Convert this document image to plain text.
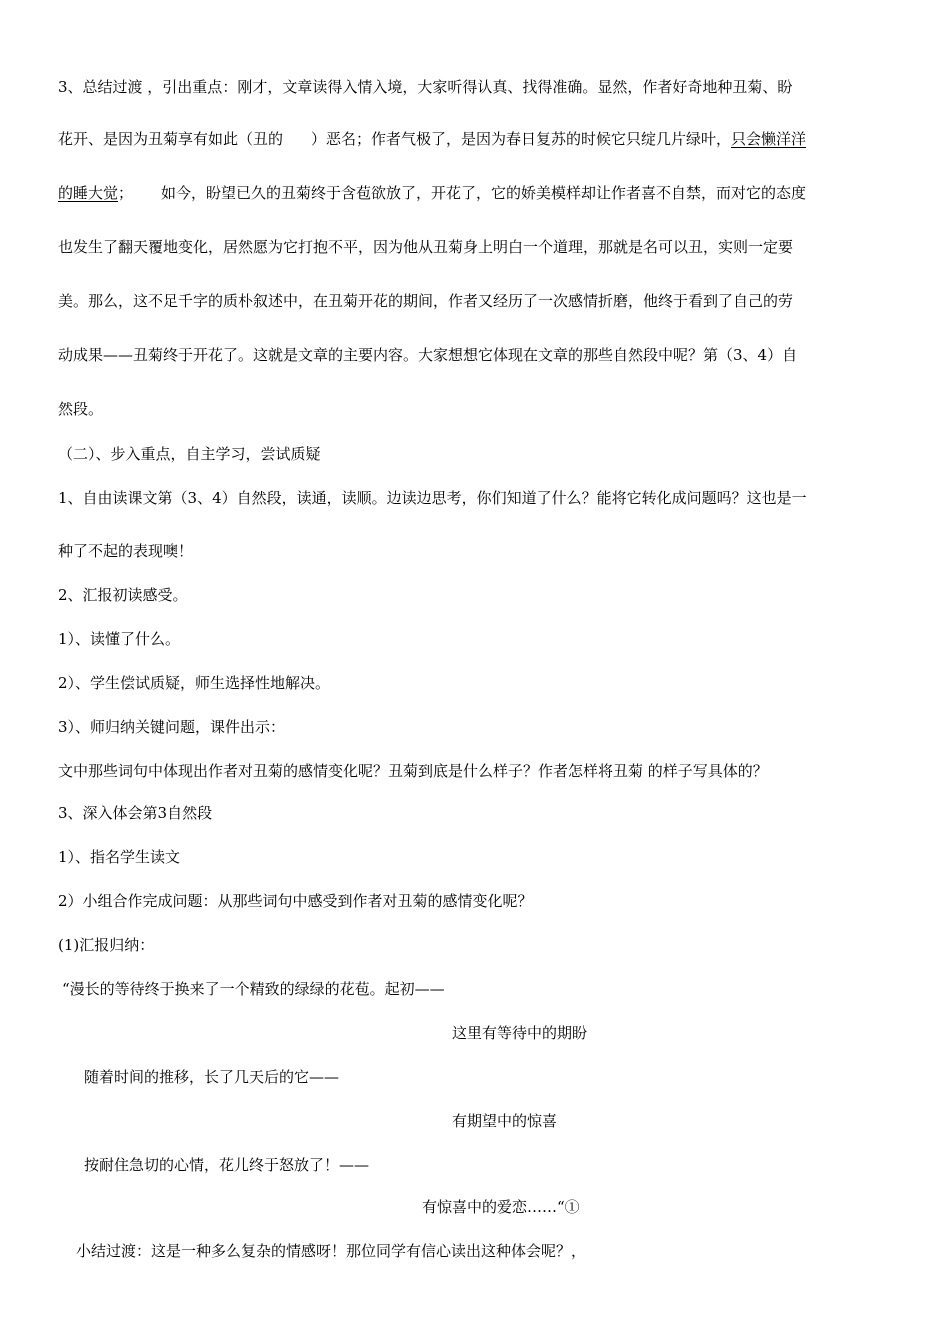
3、总结过渡 ，引出重点：刚才，文章读得入情入境，大家听得认真、找得准确。显然，作者好奇地种丑菊、盼
花开、是因为丑菊享有如此（丑的 ）恶名；作者气极了，是因为春日复苏的时候它只绽几片绿叶，只会懒洋洋
的睡大觉； 如今，盼望已久的丑菊终于含苞欲放了，开花了，它的娇美模样却让作者喜不自禁，而对它的态度
也发生了翻天覆地变化，居然愿为它打抱不平，因为他从丑菊身上明白一个道理，那就是名可以丑，实则一定要
美。那么，这不足千字的质朴叙述中，在丑菊开花的期间，作者又经历了一次感情折磨，他终于看到了自己的劳
动成果——丑菊终于开花了。这就是文章的主要内容。大家想想它体现在文章的那些自然段中呢？第（3、4）自
然段。
（二）、步入重点，自主学习，尝试质疑
1、自由读课文第（3、4）自然段，读通，读顺。边读边思考，你们知道了什么？能将它转化成问题吗？这也是一
种了不起的表现噢！
2、汇报初读感受。
1）、读懂了什么。
2）、学生偿试质疑，师生选择性地解决。
3）、师归纳关键问题，课件出示：
文中那些词句中体现出作者对丑菊的感情变化呢？丑菊到底是什么样子？作者怎样将丑菊 的样子写具体的？
3、深入体会第3自然段
1）、指名学生读文
2）小组合作完成问题：从那些词句中感受到作者对丑菊的感情变化呢？
(1)汇报归纳：
“漫长的等待终于换来了一个精致的绿绿的花苞。起初——
这里有等待中的期盼
随着时间的推移，长了几天后的它——
有期望中的惊喜
按耐住急切的心情，花儿终于怒放了！——
有惊喜中的爱恋……“①
小结过渡：这是一种多么复杂的情感呀！那位同学有信心读出这种体会呢？，
